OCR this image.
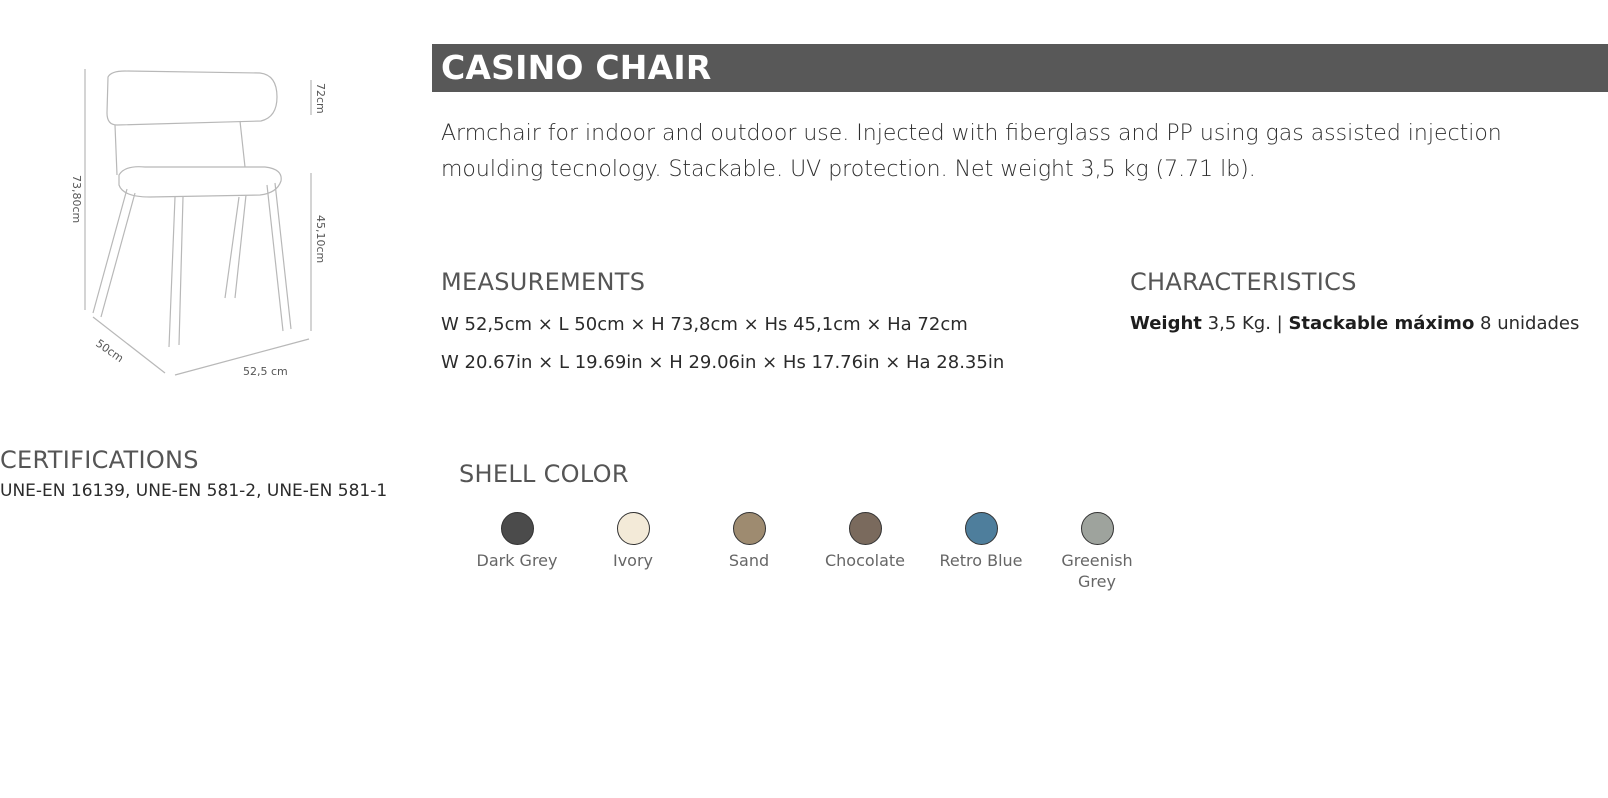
73,80cm
72cm
45,10cm
50cm
52,5 cm
CASINO CHAIR

Armchair for indoor and outdoor use. Injected with fiberglass and PP using gas assisted injection moulding tecnology. Stackable. UV protection. Net weight 3,5 kg (7.71 lb).

MEASUREMENTS

W 52,5cm × L 50cm × H 73,8cm × Hs 45,1cm × Ha 72cm

W 20.67in × L 19.69in × H 29.06in × Hs 17.76in × Ha 28.35in

CHARACTERISTICS

Weight 3,5 Kg. | Stackable máximo 8 unidades

CERTIFICATIONS

UNE-EN 16139, UNE-EN 581-2, UNE-EN 581-1

SHELL COLOR
Dark Grey	Ivory	Sand	Chocolate	Retro Blue	Greenish Grey
